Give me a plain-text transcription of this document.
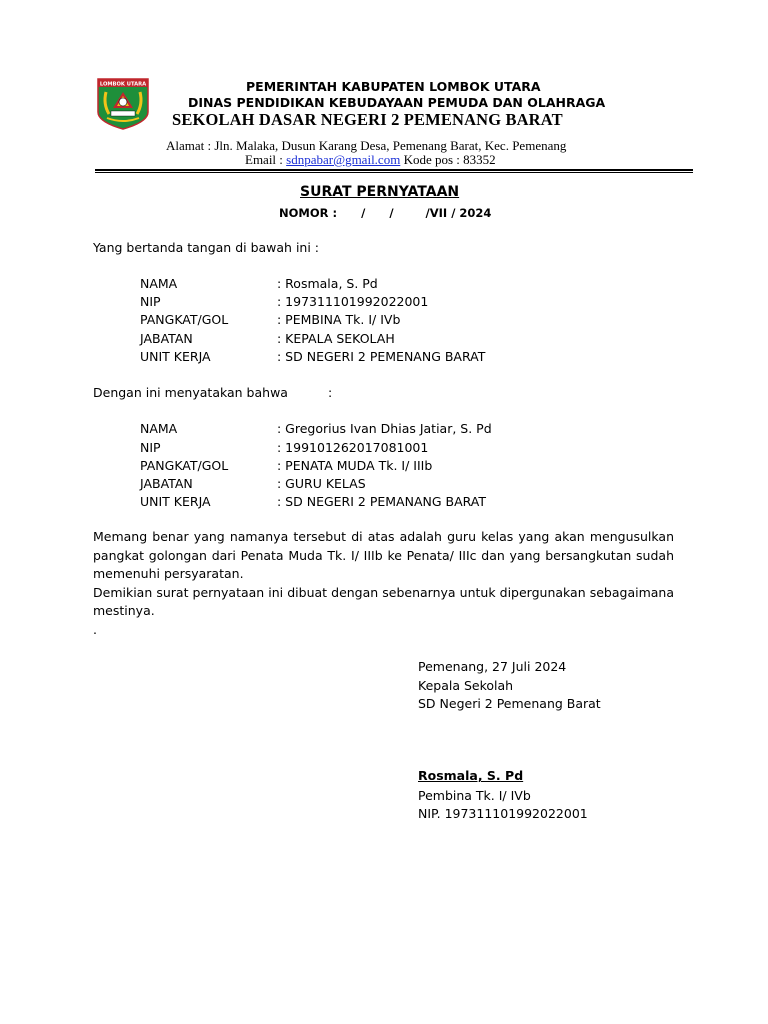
LOMBOK UTARA	PEMERINTAH KABUPATEN LOMBOK UTARA
DINAS PENDIDIKAN KEBUDAYAAN PEMUDA DAN OLAHRAGA
SEKOLAH DASAR NEGERI 2 PEMENANG BARAT
Alamat : Jln. Malaka, Dusun Karang Desa, Pemenang Barat, Kec. Pemenang
Email : sdnpabar@gmail.com Kode pos : 83352
SURAT PERNYATAAN
NOMOR :      /      /        /VII / 2024
Yang bertanda tangan di bawah ini :
NAMA	: Rosmala, S. Pd
NIP	: 197311101992022001
PANGKAT/GOL	: PEMBINA Tk. I/ IVb
JABATAN	: KEPALA SEKOLAH
UNIT KERJA	: SD NEGERI 2 PEMENANG BARAT
Dengan ini menyatakan bahwa	:
NAMA	: Gregorius Ivan Dhias Jatiar, S. Pd
NIP	: 199101262017081001
PANGKAT/GOL	: PENATA MUDA Tk. I/ IIIb
JABATAN	: GURU KELAS
UNIT KERJA	: SD NEGERI 2 PEMANANG BARAT

Memang benar yang namanya tersebut di atas adalah guru kelas yang akan mengusulkan pangkat golongan dari Penata Muda Tk. I/ IIIb ke Penata/ IIIc dan yang bersangkutan sudah memenuhi persyaratan.

Demikian surat pernyataan ini dibuat dengan sebenarnya untuk dipergunakan sebagaimana mestinya.

.

Pemenang, 27 Juli 2024
Kepala Sekolah
SD Negeri 2 Pemenang Barat
Rosmala, S. Pd
Pembina Tk. I/ IVb
NIP. 197311101992022001
